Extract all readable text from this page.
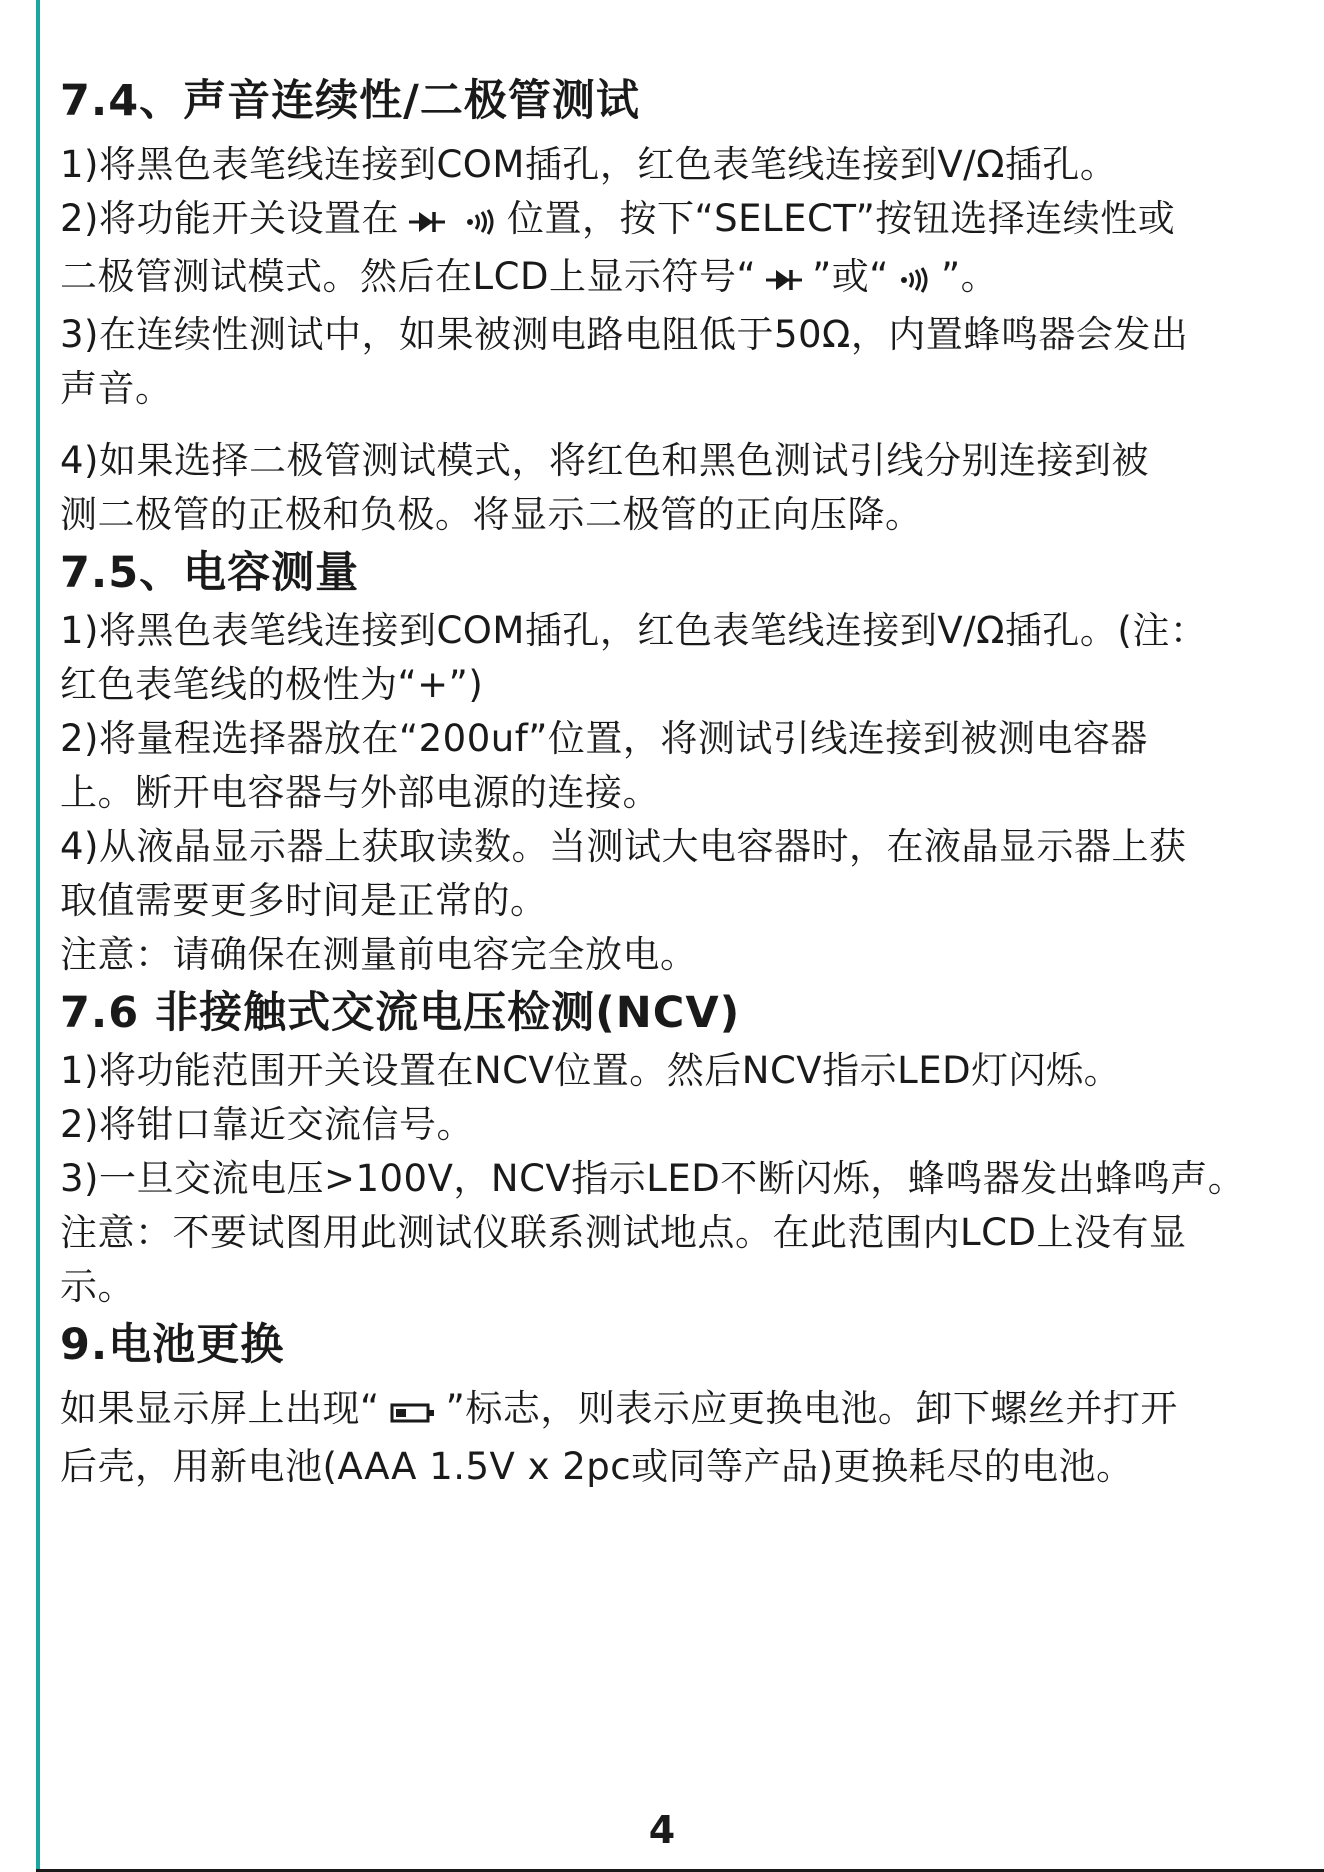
7.4、声音连续性/二极管测试

1)将黑色表笔线连接到COM插孔，红色表笔线连接到V/Ω插孔。

2)将功能开关设置在	位置，按下“SELECT”按钮选择连续性或

二极管测试模式。然后在LCD上显示符号“ ”或“ ”。

3)在连续性测试中，如果被测电路电阻低于50Ω，内置蜂鸣器会发出

声音。

4)如果选择二极管测试模式，将红色和黑色测试引线分别连接到被

测二极管的正极和负极。将显示二极管的正向压降。

7.5、电容测量

1)将黑色表笔线连接到COM插孔，红色表笔线连接到V/Ω插孔。(注：

红色表笔线的极性为“+”)

2)将量程选择器放在“200uf”位置，将测试引线连接到被测电容器

上。断开电容器与外部电源的连接。

4)从液晶显示器上获取读数。当测试大电容器时，在液晶显示器上获

取值需要更多时间是正常的。

注意：请确保在测量前电容完全放电。

7.6 非接触式交流电压检测(NCV)

1)将功能范围开关设置在NCV位置。然后NCV指示LED灯闪烁。

2)将钳口靠近交流信号。

3)一旦交流电压>100V，NCV指示LED不断闪烁，蜂鸣器发出蜂鸣声。

注意：不要试图用此测试仪联系测试地点。在此范围内LCD上没有显

示。

9.电池更换

如果显示屏上出现“ ”标志，则表示应更换电池。卸下螺丝并打开

后壳，用新电池(AAA 1.5V x 2pc或同等产品)更换耗尽的电池。

4
